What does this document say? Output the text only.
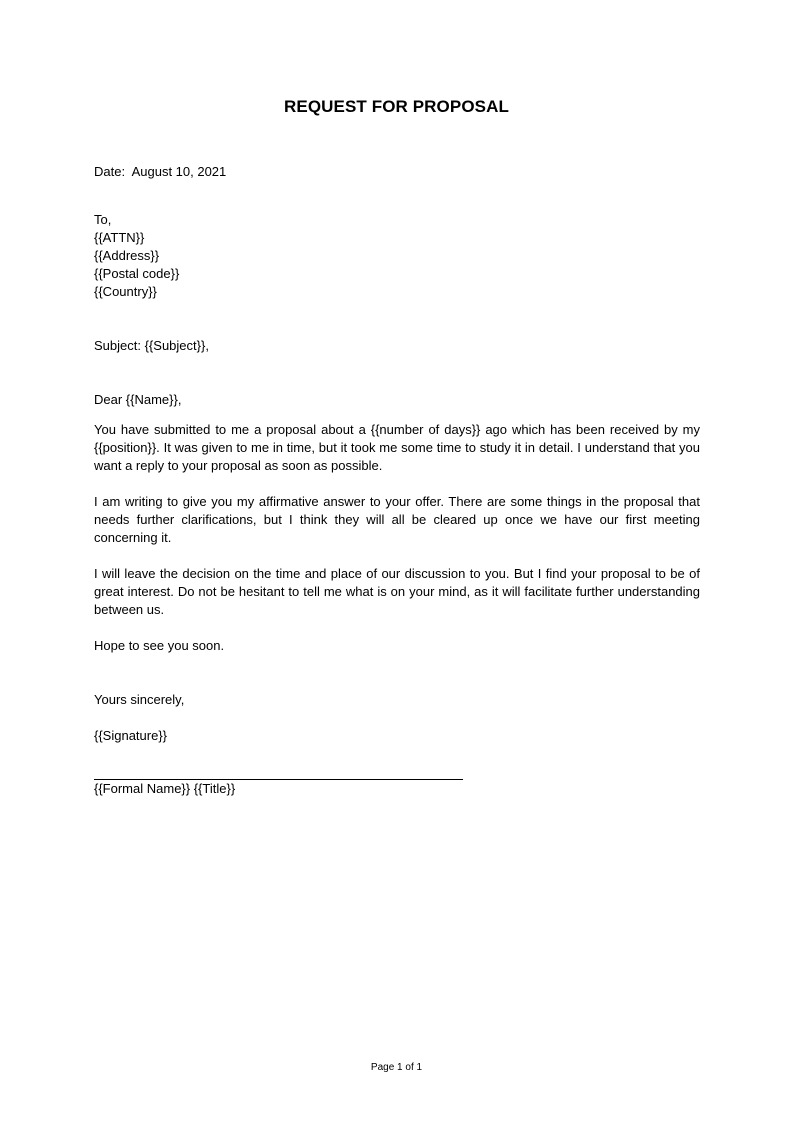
REQUEST FOR PROPOSAL
Date:  August 10, 2021
To,
{{ATTN}}
{{Address}}
{{Postal code}}
{{Country}}
Subject: {{Subject}},
Dear {{Name}},

You have submitted to me a proposal about a {{number of days}} ago which has been received by my {{position}}. It was given to me in time, but it took me some time to study it in detail. I understand that you want a reply to your proposal as soon as possible.

I am writing to give you my affirmative answer to your offer. There are some things in the proposal that needs further clarifications, but I think they will all be cleared up once we have our first meeting concerning it.

I will leave the decision on the time and place of our discussion to you. But I find your proposal to be of great interest. Do not be hesitant to tell me what is on your mind, as it will facilitate further understanding between us.

Hope to see you soon.

Yours sincerely,
{{Signature}}
{{Formal Name}} {{Title}}
Page 1 of 1
